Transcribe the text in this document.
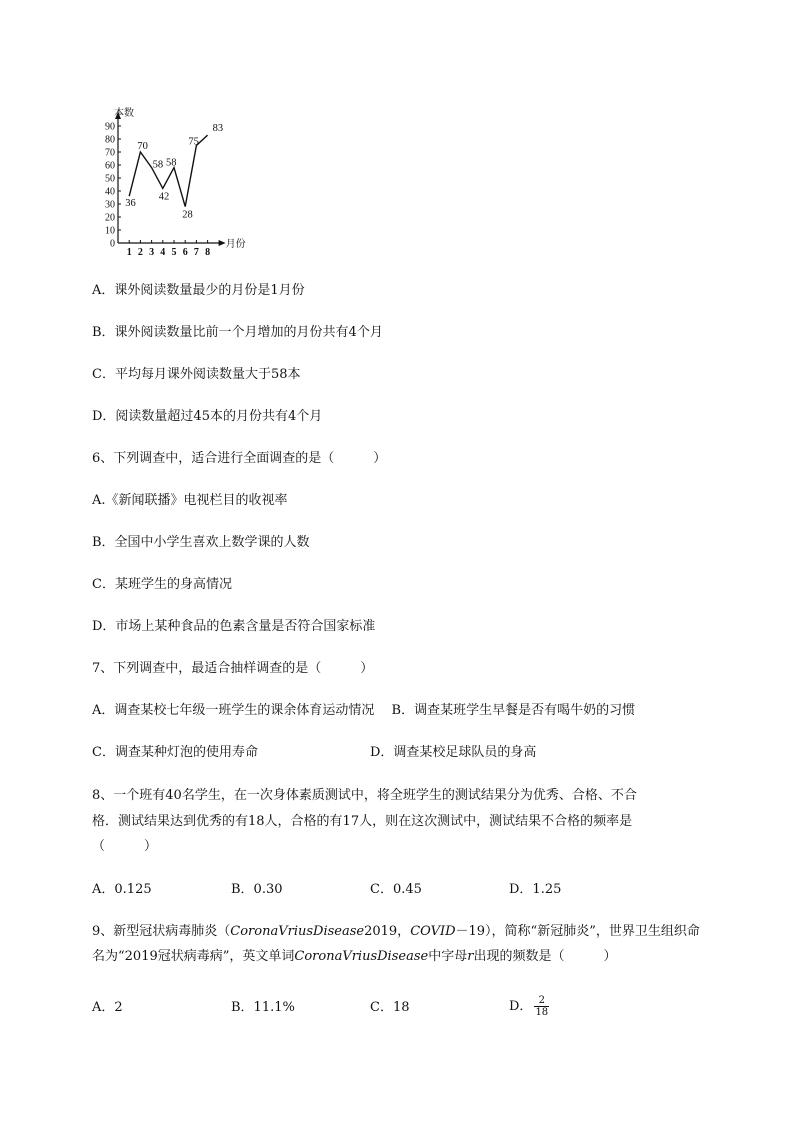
0
10
20
30
40
50
60
70
80
90
1 2 3 4 5 6 7 8
本数
月份
36
70
58
42
58
28
75
83
A．课外阅读数量最少的月份是1月份
B．课外阅读数量比前一个月增加的月份共有4个月
C．平均每月课外阅读数量大于58本
D．阅读数量超过45本的月份共有4个月
6、下列调查中，适合进行全面调查的是（　　　）
A.《新闻联播》电视栏目的收视率
B．全国中小学生喜欢上数学课的人数
C．某班学生的身高情况
D．市场上某种食品的色素含量是否符合国家标准
7、下列调查中，最适合抽样调查的是（　　　）
A．调查某校七年级一班学生的课余体育运动情况　 B．调查某班学生早餐是否有喝牛奶的习惯
C．调查某种灯泡的使用寿命	D．调查某校足球队员的身高
8、一个班有40名学生，在一次身体素质测试中，将全班学生的测试结果分为优秀、合格、不合
格．测试结果达到优秀的有18人，合格的有17人，则在这次测试中，测试结果不合格的频率是
（　　　）
A．0.125	B．0.30	C．0.45	D．1.25
9、新型冠状病毒肺炎（CoronaVriusDisease2019，COVID－19），简称“新冠肺炎”，世界卫生组织命
名为“2019冠状病毒病”，英文单词CoronaVriusDisease中字母r出现的频数是（　　　）
A．2	B．11.1%	C．18	D． $\frac{2}{18}$
